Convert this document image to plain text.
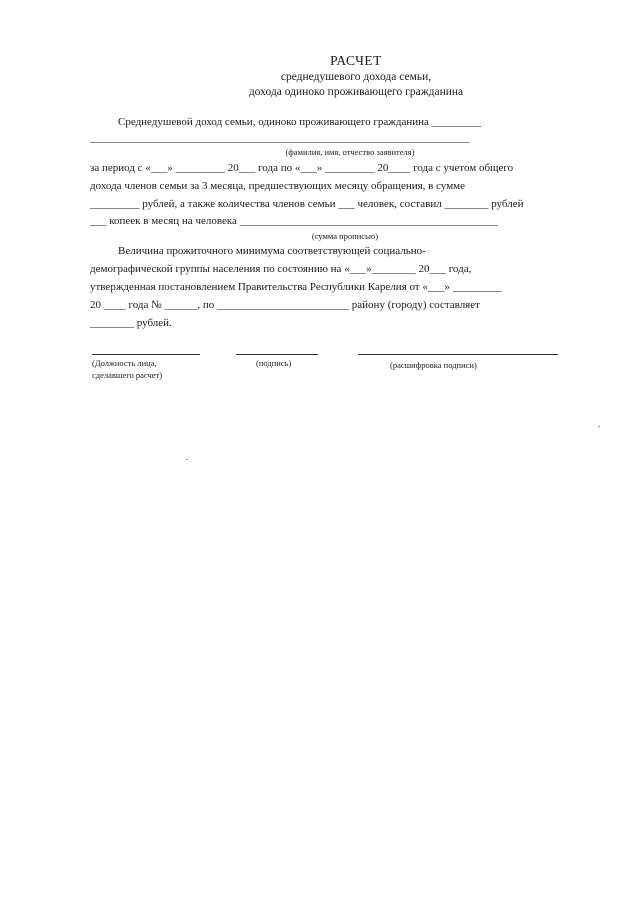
РАСЧЕТ
среднедушевого дохода семьи,
дохода одиноко проживающего гражданина
Среднедушевой доход семьи, одиноко проживающего гражданина _________
_____________________________________________________________________
(фамилия, имя, отчество заявителя)
за период с «___» _________ 20___ года по «___» _________ 20____ года с учетом общего
дохода членов семьи за 3 месяца, предшествующих месяцу обращения, в сумме
_________ рублей, а также количества членов семьи ___ человек, составил ________ рублей
___ копеек в месяц на человека _______________________________________________
(сумма прописью)
Величина прожиточного минимума соответствующей социально-
демографической группы населения по состоянию на «___»________ 20___ года,
утвержденная постановлением Правительства Республики Карелия от «___» _________
20 ____ года № ______, по ________________________ району (городу) составляет
________ рублей.
(Должность лица,
сделавшего расчет)
(подпись)	(расшифровка подписи)
